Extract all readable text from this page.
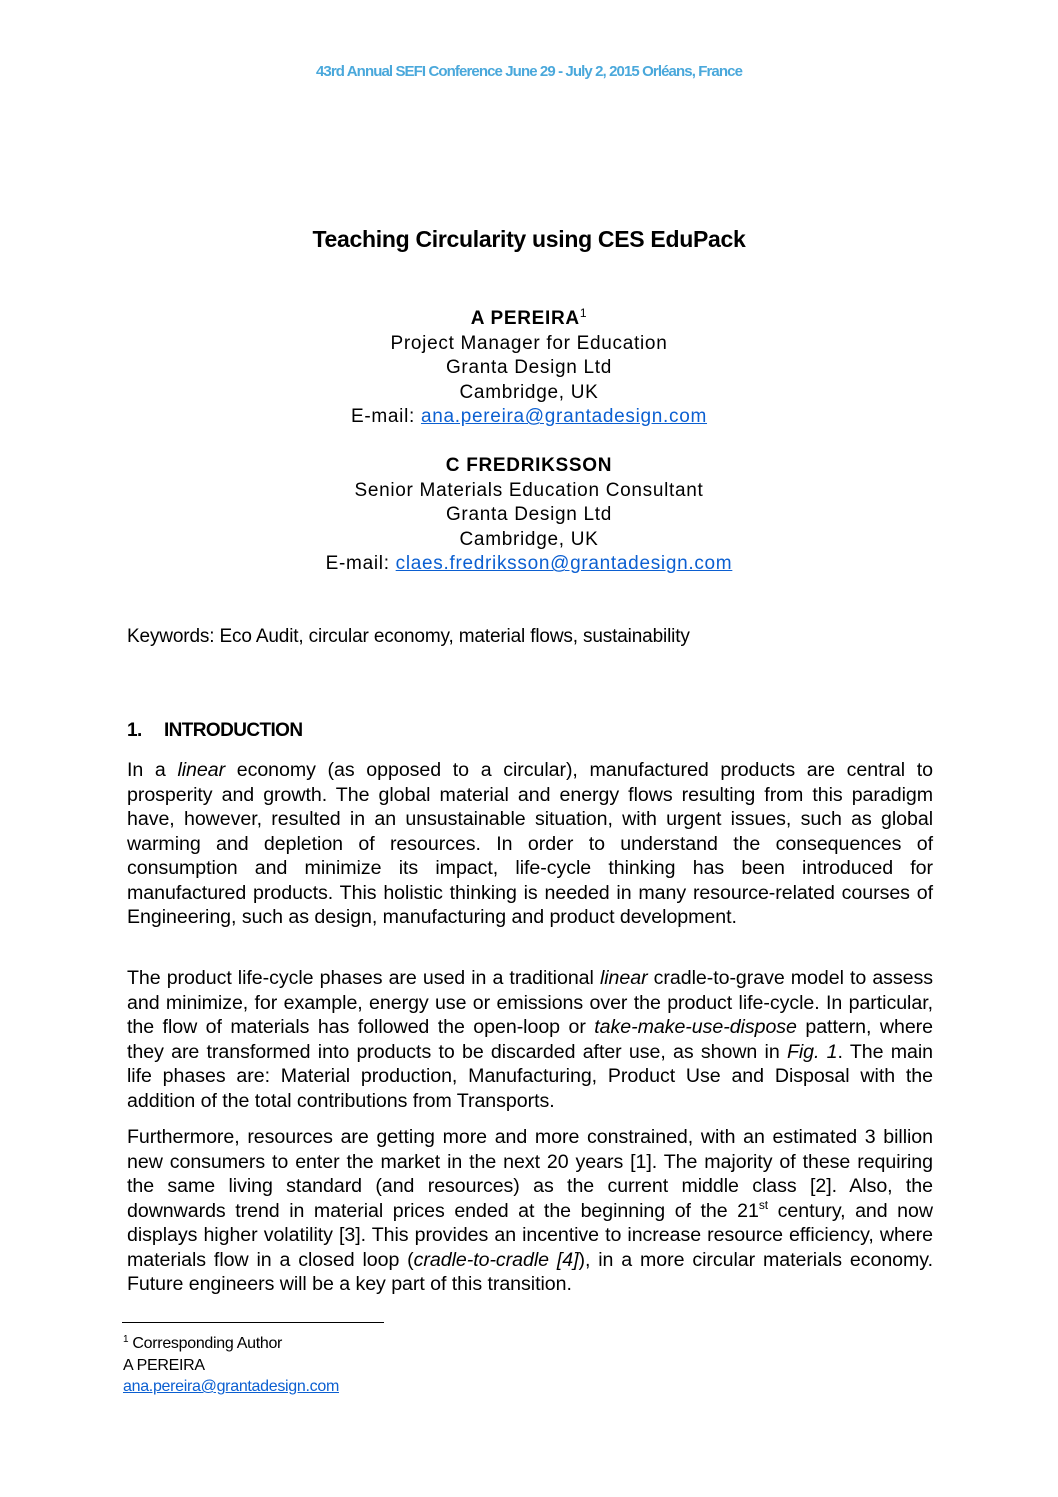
43rd Annual SEFI Conference June 29 - July 2, 2015 Orléans, France
Teaching Circularity using CES EduPack
A PEREIRA$^1$
Project Manager for Education
Granta Design Ltd
Cambridge, UK
E-mail: ana.pereira@grantadesign.com
C FREDRIKSSON
Senior Materials Education Consultant
Granta Design Ltd
Cambridge, UK
E-mail: claes.fredriksson@grantadesign.com
Keywords: Eco Audit, circular economy, material flows, sustainability
1. INTRODUCTION

In a linear economy (as opposed to a circular), manufactured products are central to prosperity and growth. The global material and energy flows resulting from this paradigm have, however, resulted in an unsustainable situation, with urgent issues, such as global warming and depletion of resources. In order to understand the consequences of consumption and minimize its impact, life-cycle thinking has been introduced for manufactured products. This holistic thinking is needed in many resource-related courses of Engineering, such as design, manufacturing and product development.

The product life-cycle phases are used in a traditional linear cradle-to-grave model to assess and minimize, for example, energy use or emissions over the product life-cycle. In particular, the flow of materials has followed the open-loop or take-make-use-dispose pattern, where they are transformed into products to be discarded after use, as shown in Fig. 1. The main life phases are: Material production, Manufacturing, Product Use and Disposal with the addition of the total contributions from Transports.

Furthermore, resources are getting more and more constrained, with an estimated 3 billion new consumers to enter the market in the next 20 years [1]. The majority of these requiring the same living standard (and resources) as the current middle class [2]. Also, the downwards trend in material prices ended at the beginning of the 21st century, and now displays higher volatility [3]. This provides an incentive to increase resource efficiency, where materials flow in a closed loop (cradle-to-cradle [4]), in a more circular materials economy. Future engineers will be a key part of this transition.

$^1$ Corresponding Author
A PEREIRA
ana.pereira@grantadesign.com
